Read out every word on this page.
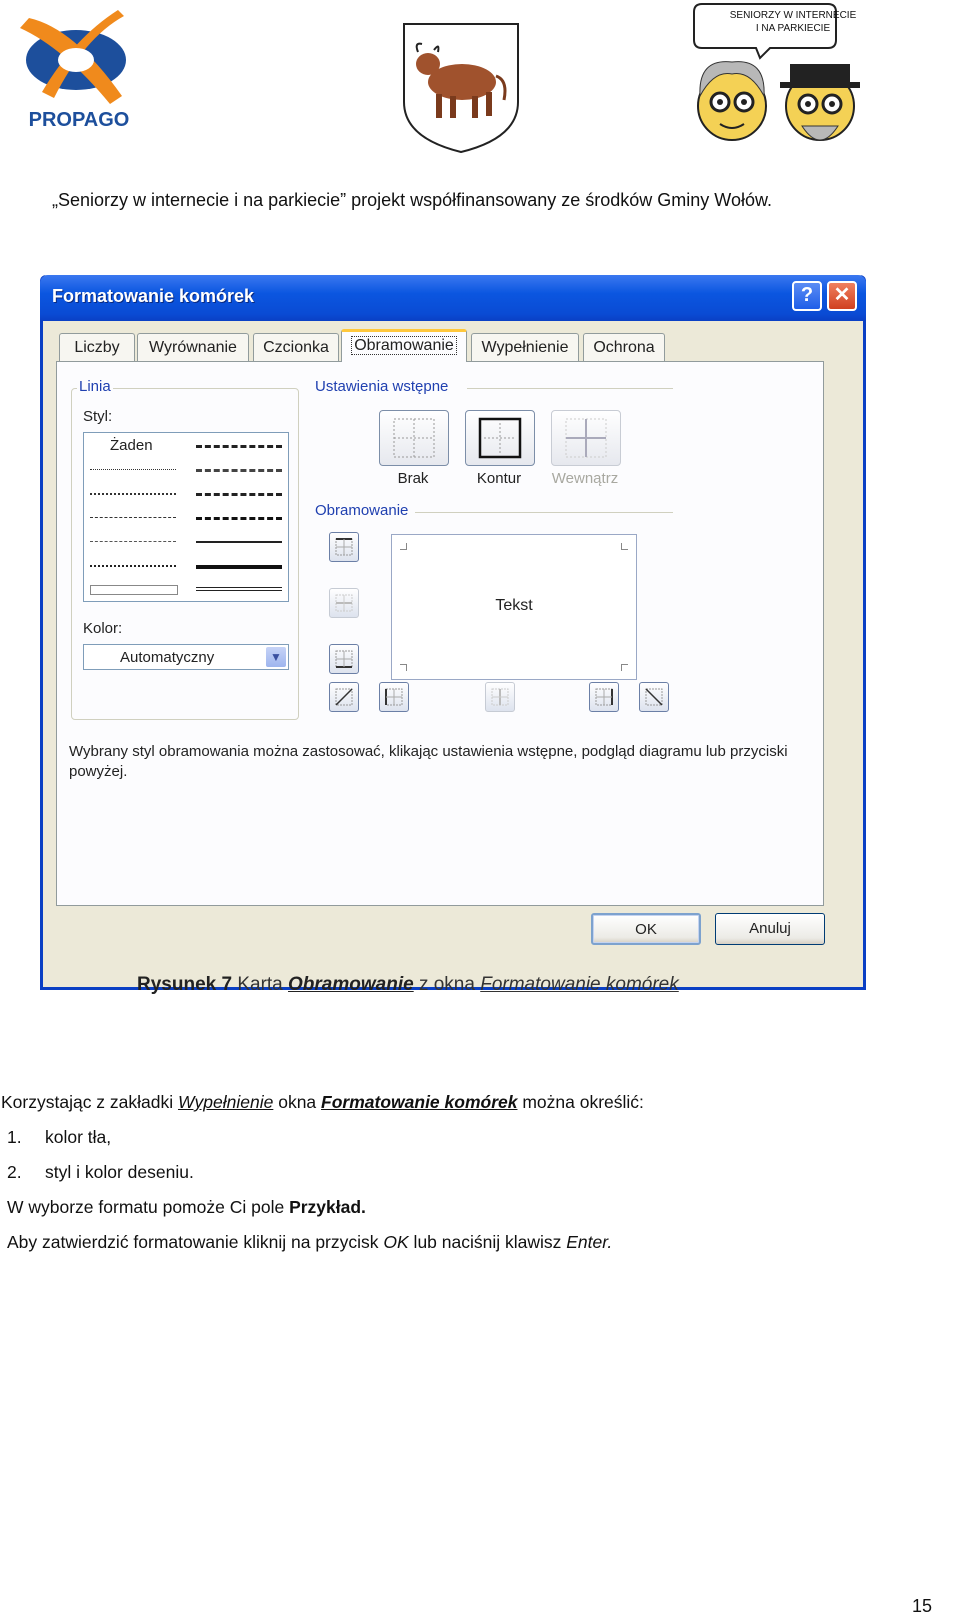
PROPAGO
SENIORZY W INTERNECIE
I NA PARKIECIE
„Seniorzy w internecie i na parkiecie” projekt współfinansowany ze środków Gminy Wołów.
Formatowanie komórek	?	✕
Liczby	Wyrównanie	Czcionka	Obramowanie	Wypełnienie	Ochrona
Linia
Styl:
Żaden
Kolor:
Automatyczny	▼
Ustawienia wstępne
Brak	Kontur	Wewnątrz
Obramowanie
Tekst
Wybrany styl obramowania można zastosować, klikając ustawienia wstępne, podgląd diagramu lub przyciski powyżej.
OK	Anuluj
Rysunek 7 Karta Obramowanie z okna Formatowanie komórek
Korzystając z zakładki Wypełnienie okna Formatowanie komórek można określić:
1. kolor tła,
2. styl i kolor deseniu.
W wyborze formatu pomoże Ci pole Przykład.
Aby zatwierdzić formatowanie kliknij na przycisk OK lub naciśnij klawisz Enter.
15
